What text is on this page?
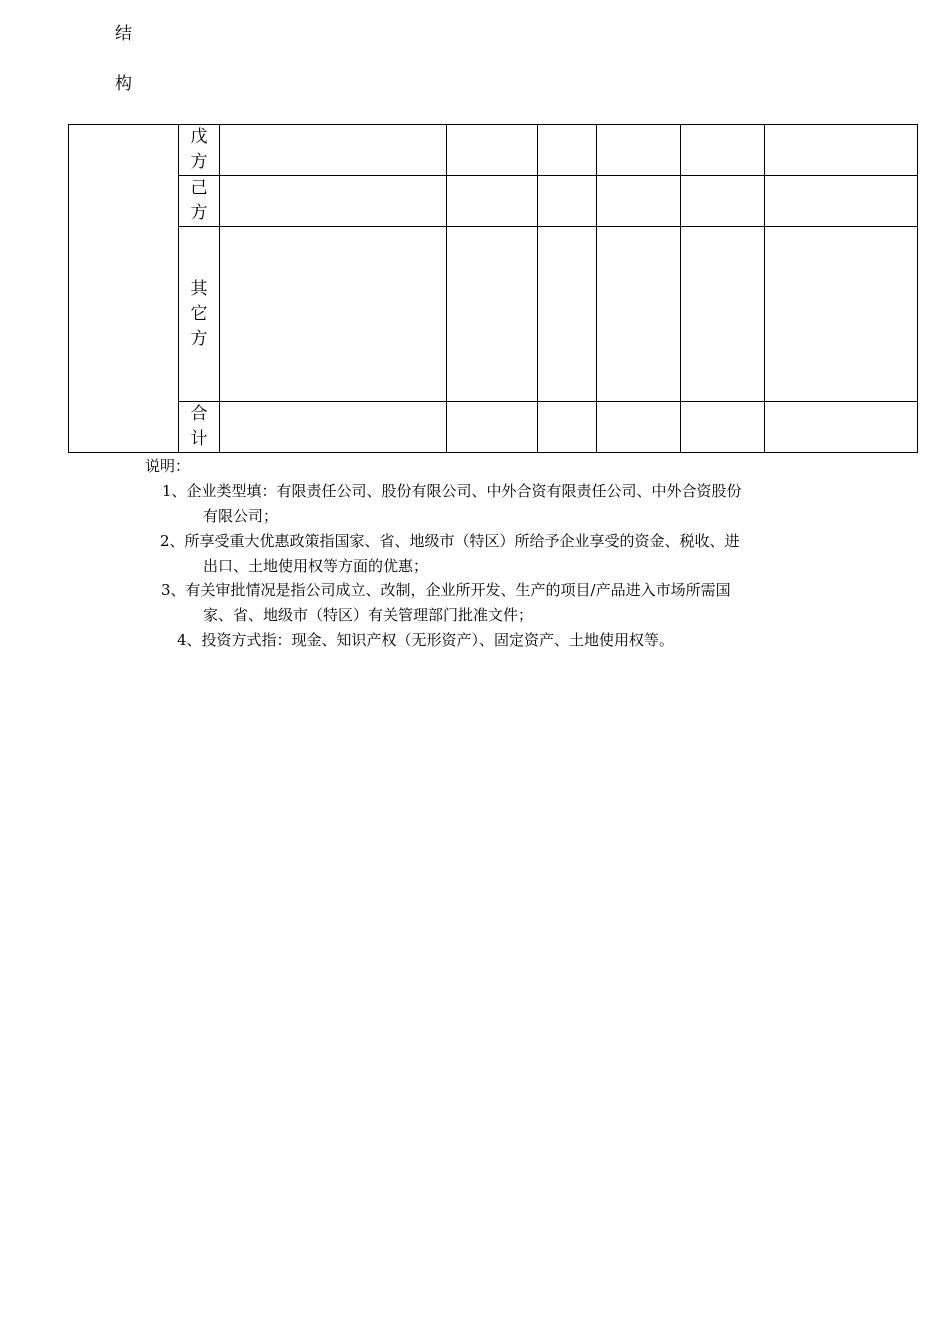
结
构	戊
方						

	己
方						

	其
它
方						

	合
计						

说明：
1、企业类型填：有限责任公司、股份有限公司、中外合资有限责任公司、中外合资股份
有限公司；
2、所享受重大优惠政策指国家、省、地级市（特区）所给予企业享受的资金、税收、进
出口、土地使用权等方面的优惠；
3、有关审批情况是指公司成立、改制，企业所开发、生产的项目/产品进入市场所需国
家、省、地级市（特区）有关管理部门批准文件；
4、投资方式指：现金、知识产权（无形资产）、固定资产、土地使用权等。
